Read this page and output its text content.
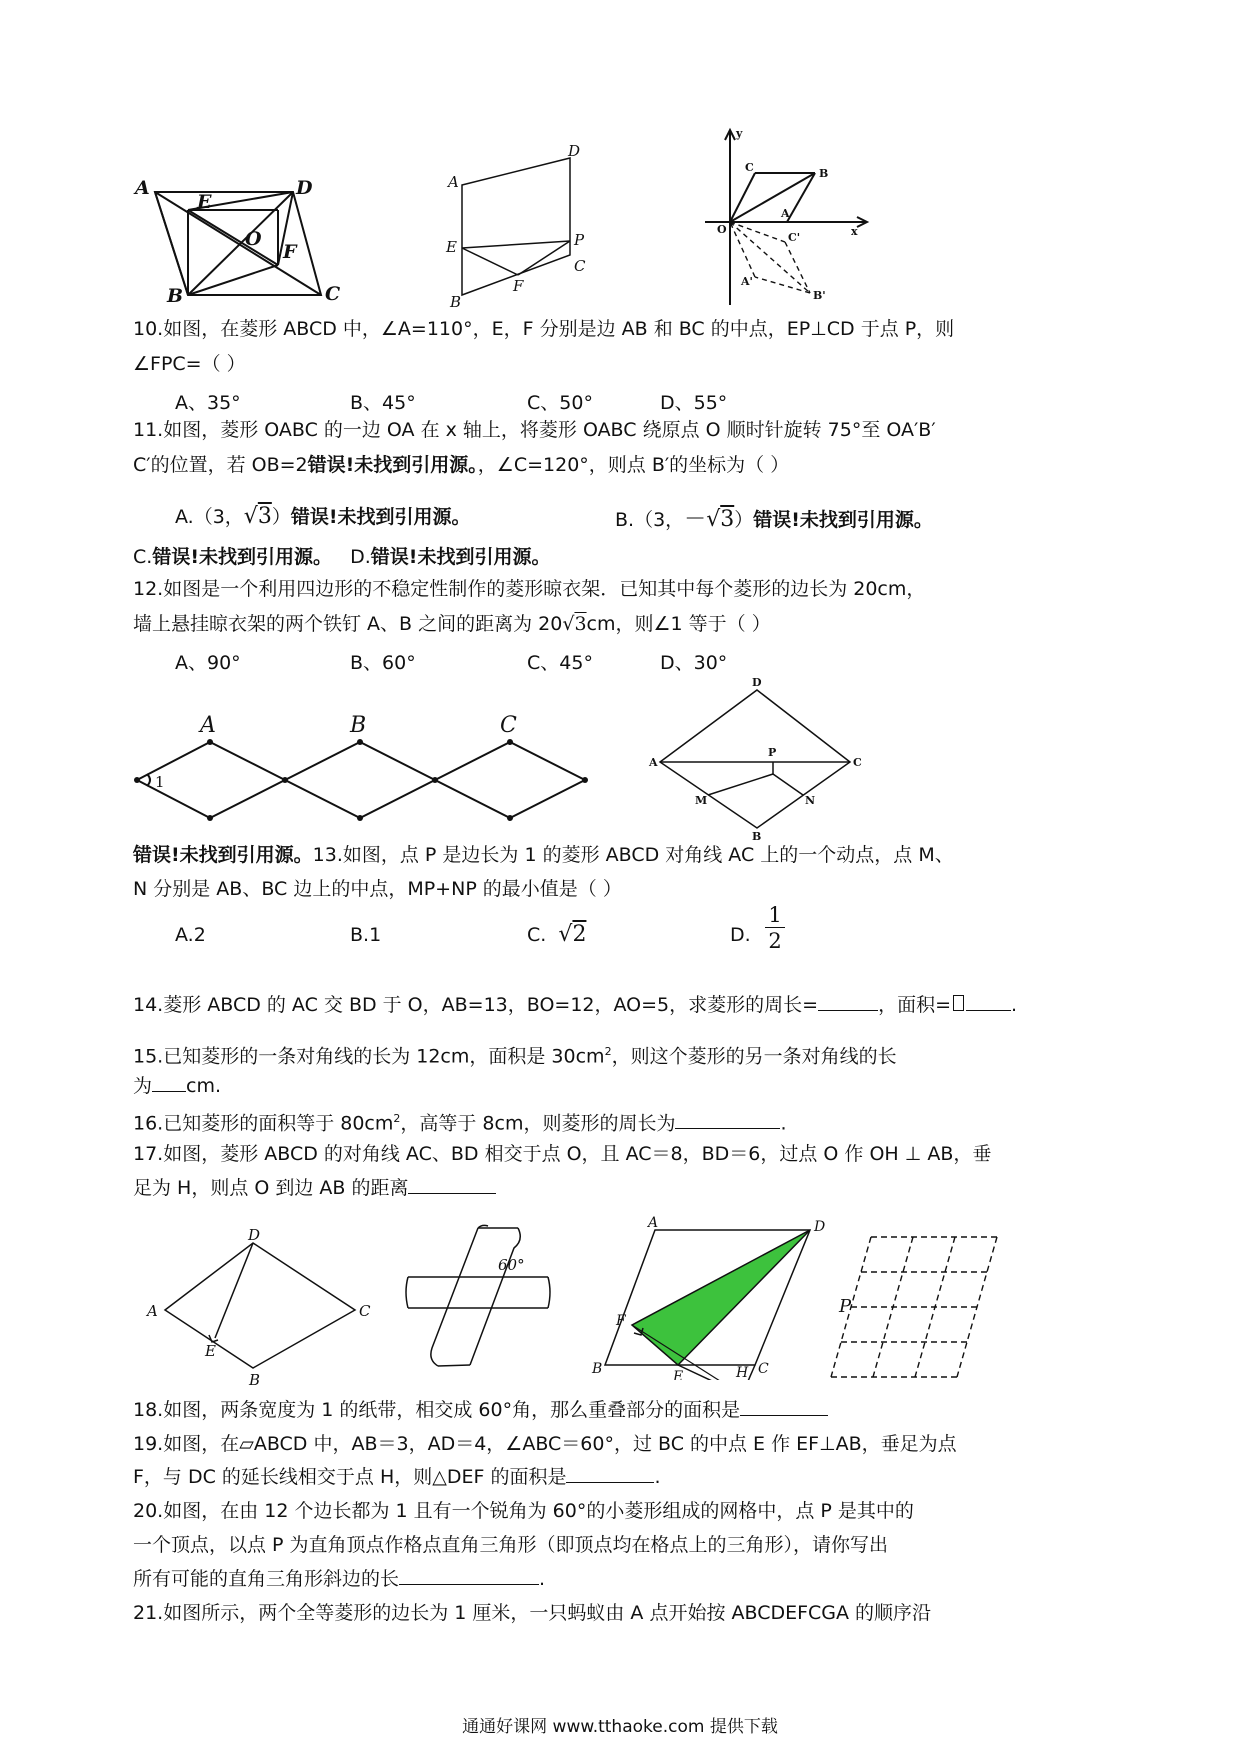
A	D
E
O
F
B	C
A
D
E	P
C
F
B
y
C	B
A
O	x
C'
A'
B'
10.如图，在菱形 ABCD 中，∠A=110°，E，F 分别是边 AB 和 BC 的中点，EP⊥CD 于点 P，则
∠FPC=（ ）
A、35°	B、45°	C、50°	D、55°
11.如图，菱形 OABC 的一边 OA 在 x 轴上，将菱形 OABC 绕原点 O 顺时针旋转 75°至 OA′B′
C′的位置，若 OB=2错误!未找到引用源。，∠C=120°，则点 B′的坐标为（ ）
A.（3，√3）错误!未找到引用源。	B.（3，－√3）错误!未找到引用源。
C.错误!未找到引用源。 D.错误!未找到引用源。
12.如图是一个利用四边形的不稳定性制作的菱形晾衣架．已知其中每个菱形的边长为 20cm，
墙上悬挂晾衣架的两个铁钉 A、B 之间的距离为 20√3cm，则∠1 等于（ ）
A、90°	B、60°	C、45°	D、30°
A	B	C
1
D
A
P
C
M	N
B
错误!未找到引用源。13.如图，点 P 是边长为 1 的菱形 ABCD 对角线 AC 上的一个动点，点 M、
N 分别是 AB、BC 边上的中点，MP+NP 的最小值是（ ）
A.2	B.1	C. √2	D.
1
2
14.菱形 ABCD 的 AC 交 BD 于 O，AB=13，BO=12，AO=5，求菱形的周长=	，面积=	.
15.已知菱形的一条对角线的长为 12cm，面积是 $30cm^2$，则这个菱形的另一条对角线的长
为 cm.
16.已知菱形的面积等于 $80cm^2$，高等于 8cm，则菱形的周长为	.
17.如图，菱形 ABCD 的对角线 AC、BD 相交于点 O，且 AC＝8，BD＝6，过点 O 作 OH ⊥ AB，垂
足为 H，则点 O 到边 AB 的距离
D
A	C
E
B
60°
A	D
F
B	E	C
H
P
18.如图，两条宽度为 1 的纸带，相交成 60°角，那么重叠部分的面积是
19.如图，在▱ABCD 中，AB＝3，AD＝4，∠ABC＝60°，过 BC 的中点 E 作 EF⊥AB，垂足为点
F，与 DC 的延长线相交于点 H，则△DEF 的面积是	.
20.如图，在由 12 个边长都为 1 且有一个锐角为 60°的小菱形组成的网格中，点 P 是其中的
一个顶点，以点 P 为直角顶点作格点直角三角形（即顶点均在格点上的三角形），请你写出
所有可能的直角三角形斜边的长	.
21.如图所示，两个全等菱形的边长为 1 厘米，一只蚂蚁由 A 点开始按 ABCDEFCGA 的顺序沿
通通好课网 www.tthaoke.com 提供下载
